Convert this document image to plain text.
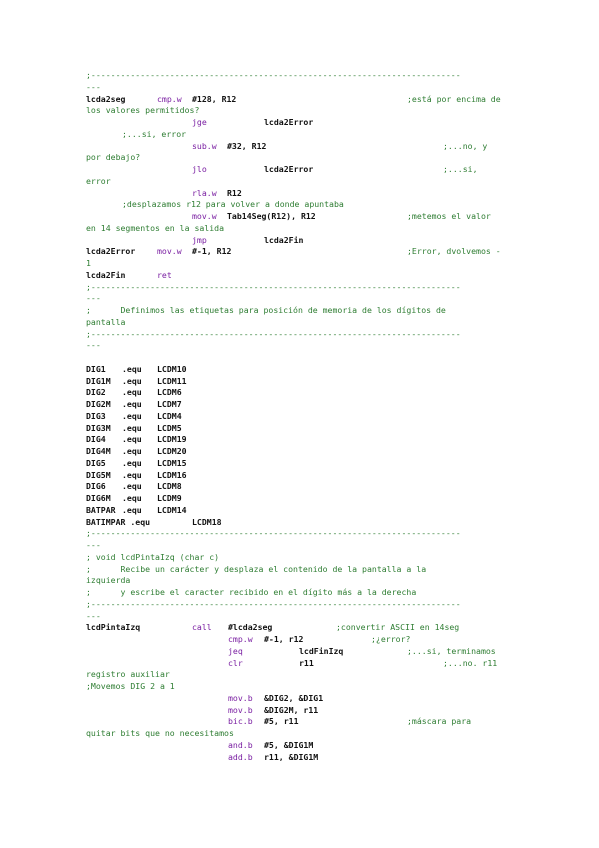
;---------------------------------------------------------------------------
---
lcda2seg	cmp.w #128, R12	;está por encima de
los valores permitidos?
jge	lcda2Error
;...si, error
sub.w #32, R12	;...no, y
por debajo?
jlo	lcda2Error	;...si,
error
rla.w R12
;desplazamos r12 para volver a donde apuntaba
mov.w Tab14Seg(R12), R12	;metemos el valor
en 14 segmentos en la salida
jmp	lcda2Fin
lcda2Error	mov.w #-1, R12	;Error, dvolvemos -
1
lcda2Fin	ret
;---------------------------------------------------------------------------
---
;      Definimos las etiquetas para posición de memoria de los dígitos de
pantalla
;---------------------------------------------------------------------------
---
DIG1 .equ LCDM10
DIG1M .equ LCDM11
DIG2 .equ LCDM6
DIG2M .equ LCDM7
DIG3 .equ LCDM4
DIG3M .equ LCDM5
DIG4 .equ LCDM19
DIG4M .equ LCDM20
DIG5 .equ LCDM15
DIG5M .equ LCDM16
DIG6 .equ LCDM8
DIG6M .equ LCDM9
BATPAR .equ LCDM14
BATIMPAR .equ	LCDM18
;---------------------------------------------------------------------------
---
; void lcdPintaIzq (char c)
;      Recibe un carácter y desplaza el contenido de la pantalla a la
izquierda
;      y escribe el caracter recibido en el dígito más a la derecha
;---------------------------------------------------------------------------
---
lcdPintaIzq	call #lcda2seg	;convertir ASCII en 14seg
cmp.w #-1, r12	;¿error?
jeq	lcdFinIzq	;...si, terminamos
clr	r11	;...no. r11
registro auxiliar
;Movemos DIG 2 a 1
mov.b &DIG2, &DIG1
mov.b &DIG2M, r11
bic.b #5, r11	;máscara para
quitar bits que no necesitamos
and.b #5, &DIG1M
add.b r11, &DIG1M
